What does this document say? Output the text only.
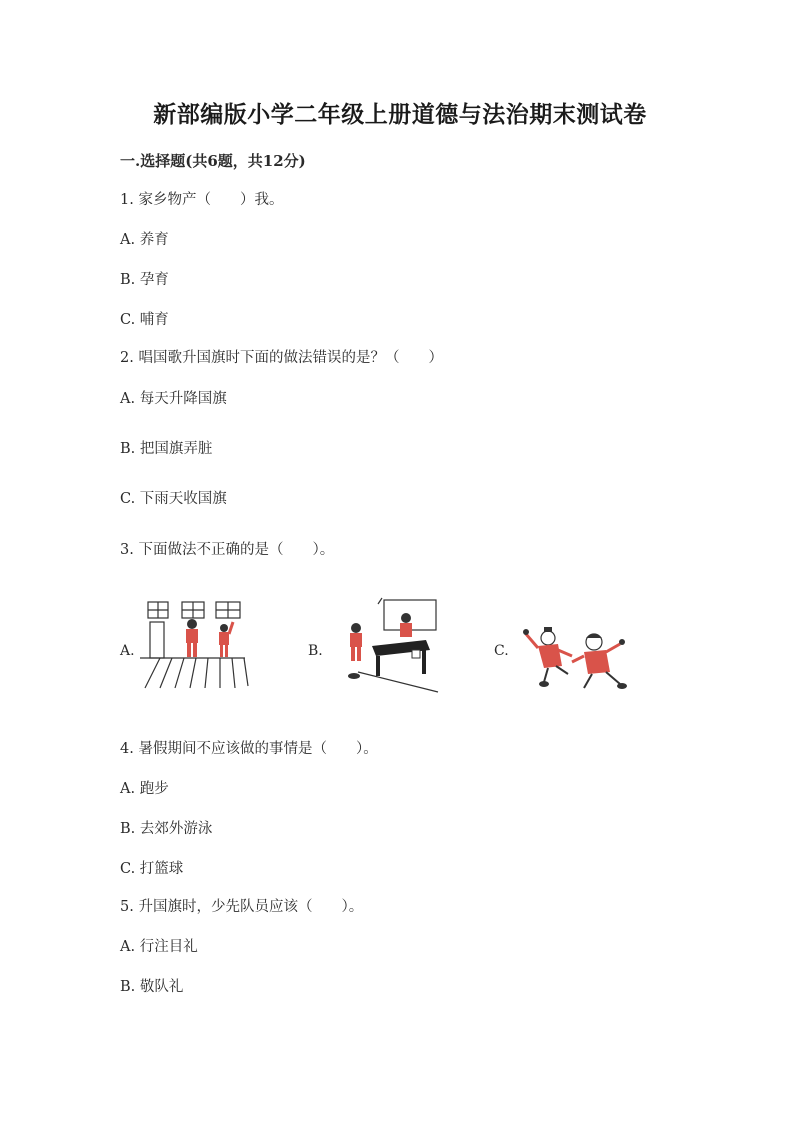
新部编版小学二年级上册道德与法治期末测试卷
一.选择题(共6题，共12分)
1. 家乡物产（　　）我。
A. 养育
B. 孕育
C. 哺育
2. 唱国歌升国旗时下面的做法错误的是？（　　）
A. 每天升降国旗
B. 把国旗弄脏
C. 下雨天收国旗
3. 下面做法不正确的是（　　）。
A.	B.	C.
4. 暑假期间不应该做的事情是（　　）。
A. 跑步
B. 去郊外游泳
C. 打篮球
5. 升国旗时，少先队员应该（　　）。
A. 行注目礼
B. 敬队礼
